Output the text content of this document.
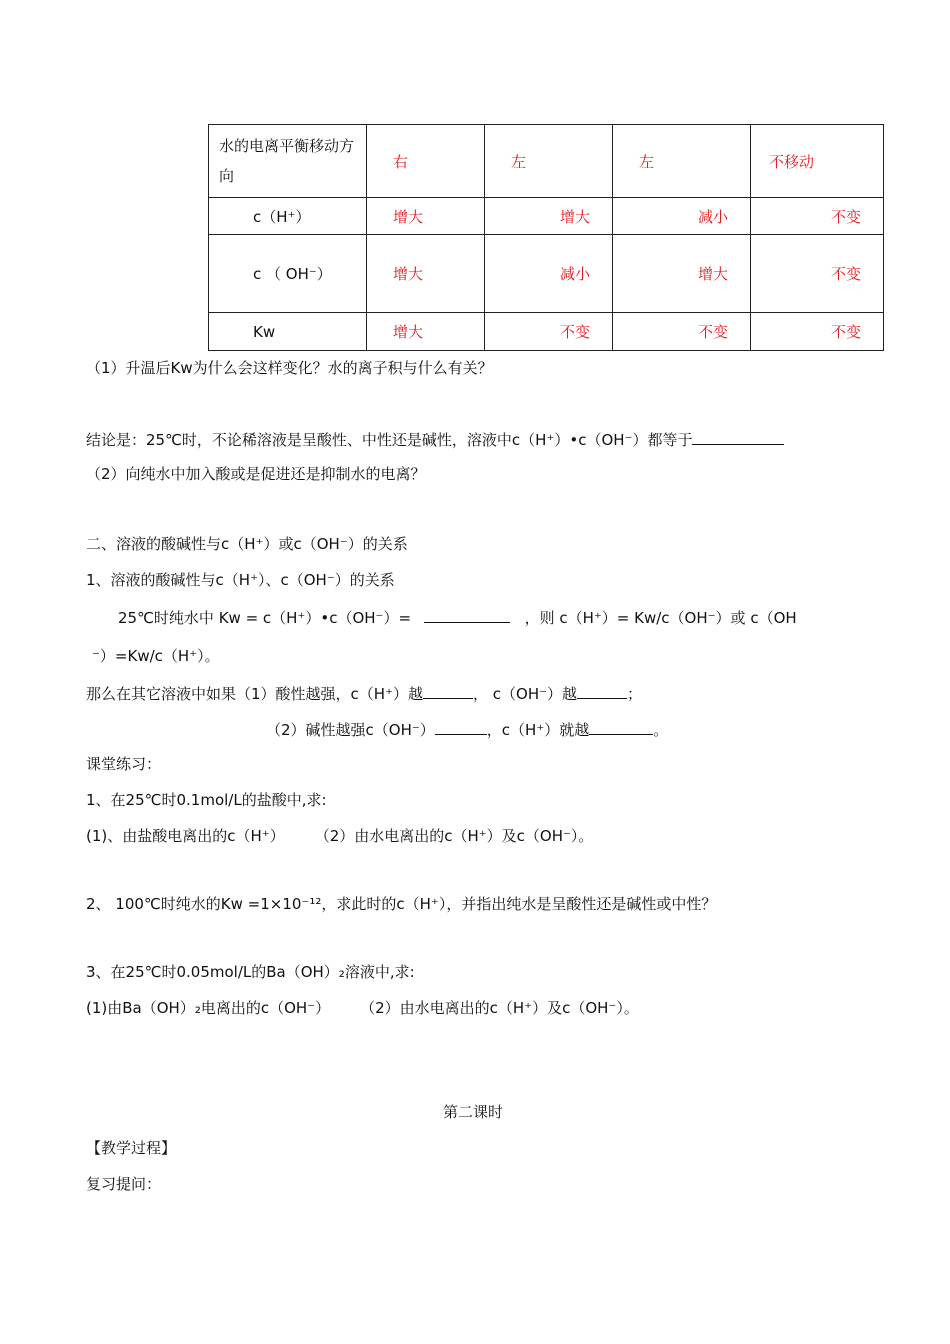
水的电离平衡移动方向	右	左	左	不移动
c（H⁺）	增大	增大	减小	不变
c （ OH⁻）	增大	减小	增大	不变
Kw	增大	不变	不变	不变
（1）升温后Kw为什么会这样变化？水的离子积与什么有关？
结论是：25℃时，不论稀溶液是呈酸性、中性还是碱性，溶液中c（H⁺）•c（OH⁻）都等于
（2）向纯水中加入酸或是促进还是抑制水的电离？
二、溶液的酸碱性与c（H⁺）或c（OH⁻）的关系
1、溶液的酸碱性与c（H⁺）、c（OH⁻）的关系
25℃时纯水中 Kw = c（H⁺）•c（OH⁻）=	，则 c（H⁺）= Kw/c（OH⁻）或 c（OH
⁻）=Kw/c（H⁺）。
那么在其它溶液中如果（1）酸性越强，c（H⁺）越	， c（OH⁻）越	；
（2）碱性越强c（OH⁻）	，c（H⁺）就越	。
课堂练习：
1、在25℃时0.1mol/L的盐酸中,求:
(1)、由盐酸电离出的c（H⁺）　　　（2）由水电离出的c（H⁺）及c（OH⁻）。
2、 100℃时纯水的Kw =1×10⁻¹²，求此时的c（H⁺），并指出纯水是呈酸性还是碱性或中性？
3、在25℃时0.05mol/L的Ba（OH）₂溶液中,求:
(1)由Ba（OH）₂电离出的c（OH⁻）　　　（2）由水电离出的c（H⁺）及c（OH⁻）。
第二课时
【教学过程】
复习提问：
